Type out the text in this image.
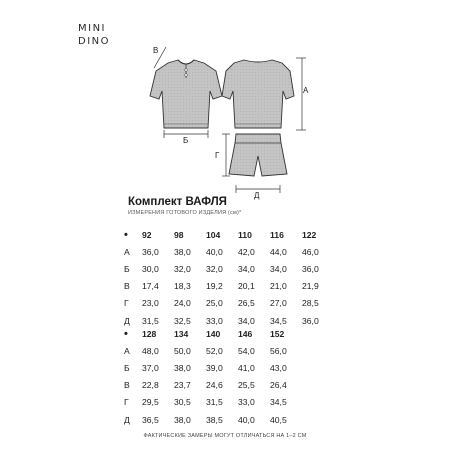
MINI
DINO
В
А
Б
Г
Д
Комплект ВАФЛЯ
ИЗМЕРЕНИЯ ГОТОВОГО ИЗДЕЛИЯ (см)*
•	92	98	104	110	116	122
А	36,0	38,0	40,0	42,0	44,0	46,0
Б	30,0	32,0	32,0	34,0	34,0	36,0
В	17,4	18,3	19,2	20,1	21,0	21,9
Г	23,0	24,0	25,0	26,5	27,0	28,5
Д	31,5	32,5	33,0	34,0	34,5	36,0
•	128	134	140	146	152
А	48,0	50,0	52,0	54,0	56,0
Б	37,0	38,0	39,0	41,0	43,0
В	22,8	23,7	24,6	25,5	26,4
Г	29,5	30,5	31,5	33,0	34,5
Д	36,5	38,0	38,5	40,0	40,5
ФАКТИЧЕСКИЕ ЗАМЕРЫ МОГУТ ОТЛИЧАТЬСЯ НА 1–2 СМ
